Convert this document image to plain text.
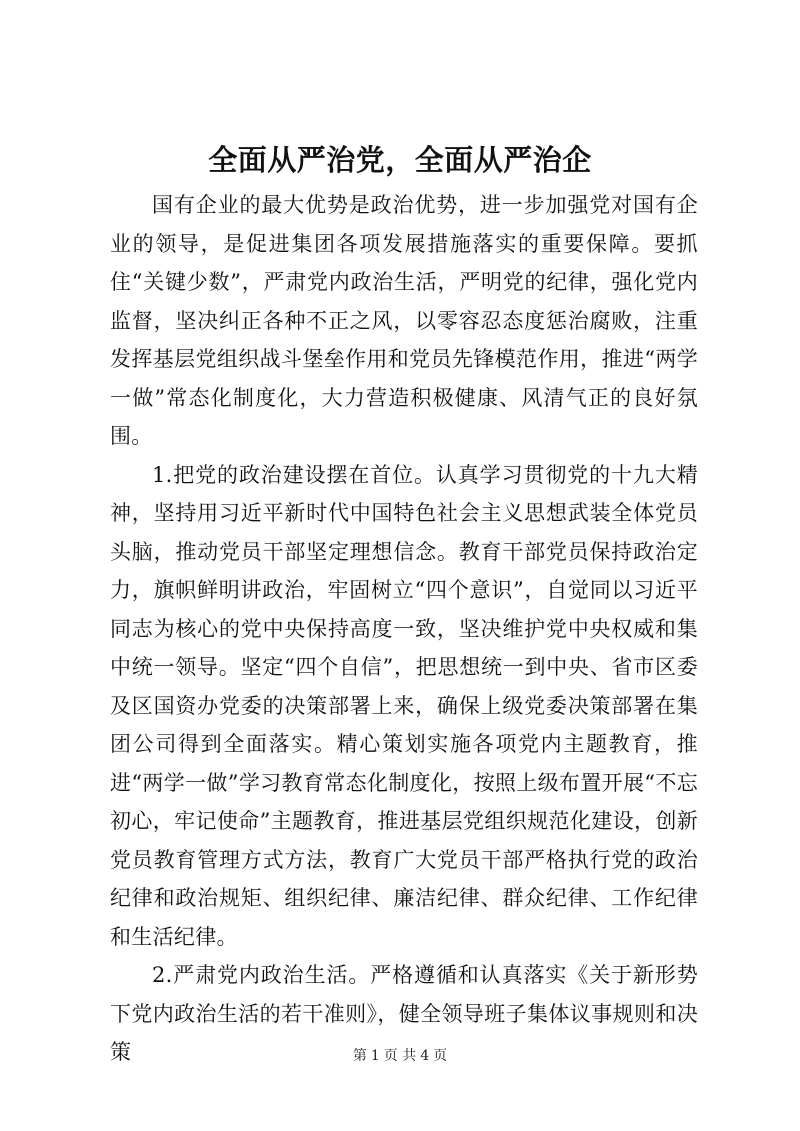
全面从严治党，全面从严治企

国有企业的最大优势是政治优势，进一步加强党对国有企业的领导，是促进集团各项发展措施落实的重要保障。要抓住“关键少数”，严肃党内政治生活，严明党的纪律，强化党内监督，坚决纠正各种不正之风，以零容忍态度惩治腐败，注重发挥基层党组织战斗堡垒作用和党员先锋模范作用，推进“两学一做”常态化制度化，大力营造积极健康、风清气正的良好氛围。

1.把党的政治建设摆在首位。认真学习贯彻党的十九大精神，坚持用习近平新时代中国特色社会主义思想武装全体党员头脑，推动党员干部坚定理想信念。教育干部党员保持政治定力，旗帜鲜明讲政治，牢固树立“四个意识”，自觉同以习近平同志为核心的党中央保持高度一致，坚决维护党中央权威和集中统一领导。坚定“四个自信”，把思想统一到中央、省市区委及区国资办党委的决策部署上来，确保上级党委决策部署在集团公司得到全面落实。精心策划实施各项党内主题教育，推进“两学一做”学习教育常态化制度化，按照上级布置开展“不忘初心，牢记使命”主题教育，推进基层党组织规范化建设，创新党员教育管理方式方法，教育广大党员干部严格执行党的政治纪律和政治规矩、组织纪律、廉洁纪律、群众纪律、工作纪律和生活纪律。

2.严肃党内政治生活。严格遵循和认真落实《关于新形势下党内政治生活的若干准则》，健全领导班子集体议事规则和决策	第 1 页 共 4 页
